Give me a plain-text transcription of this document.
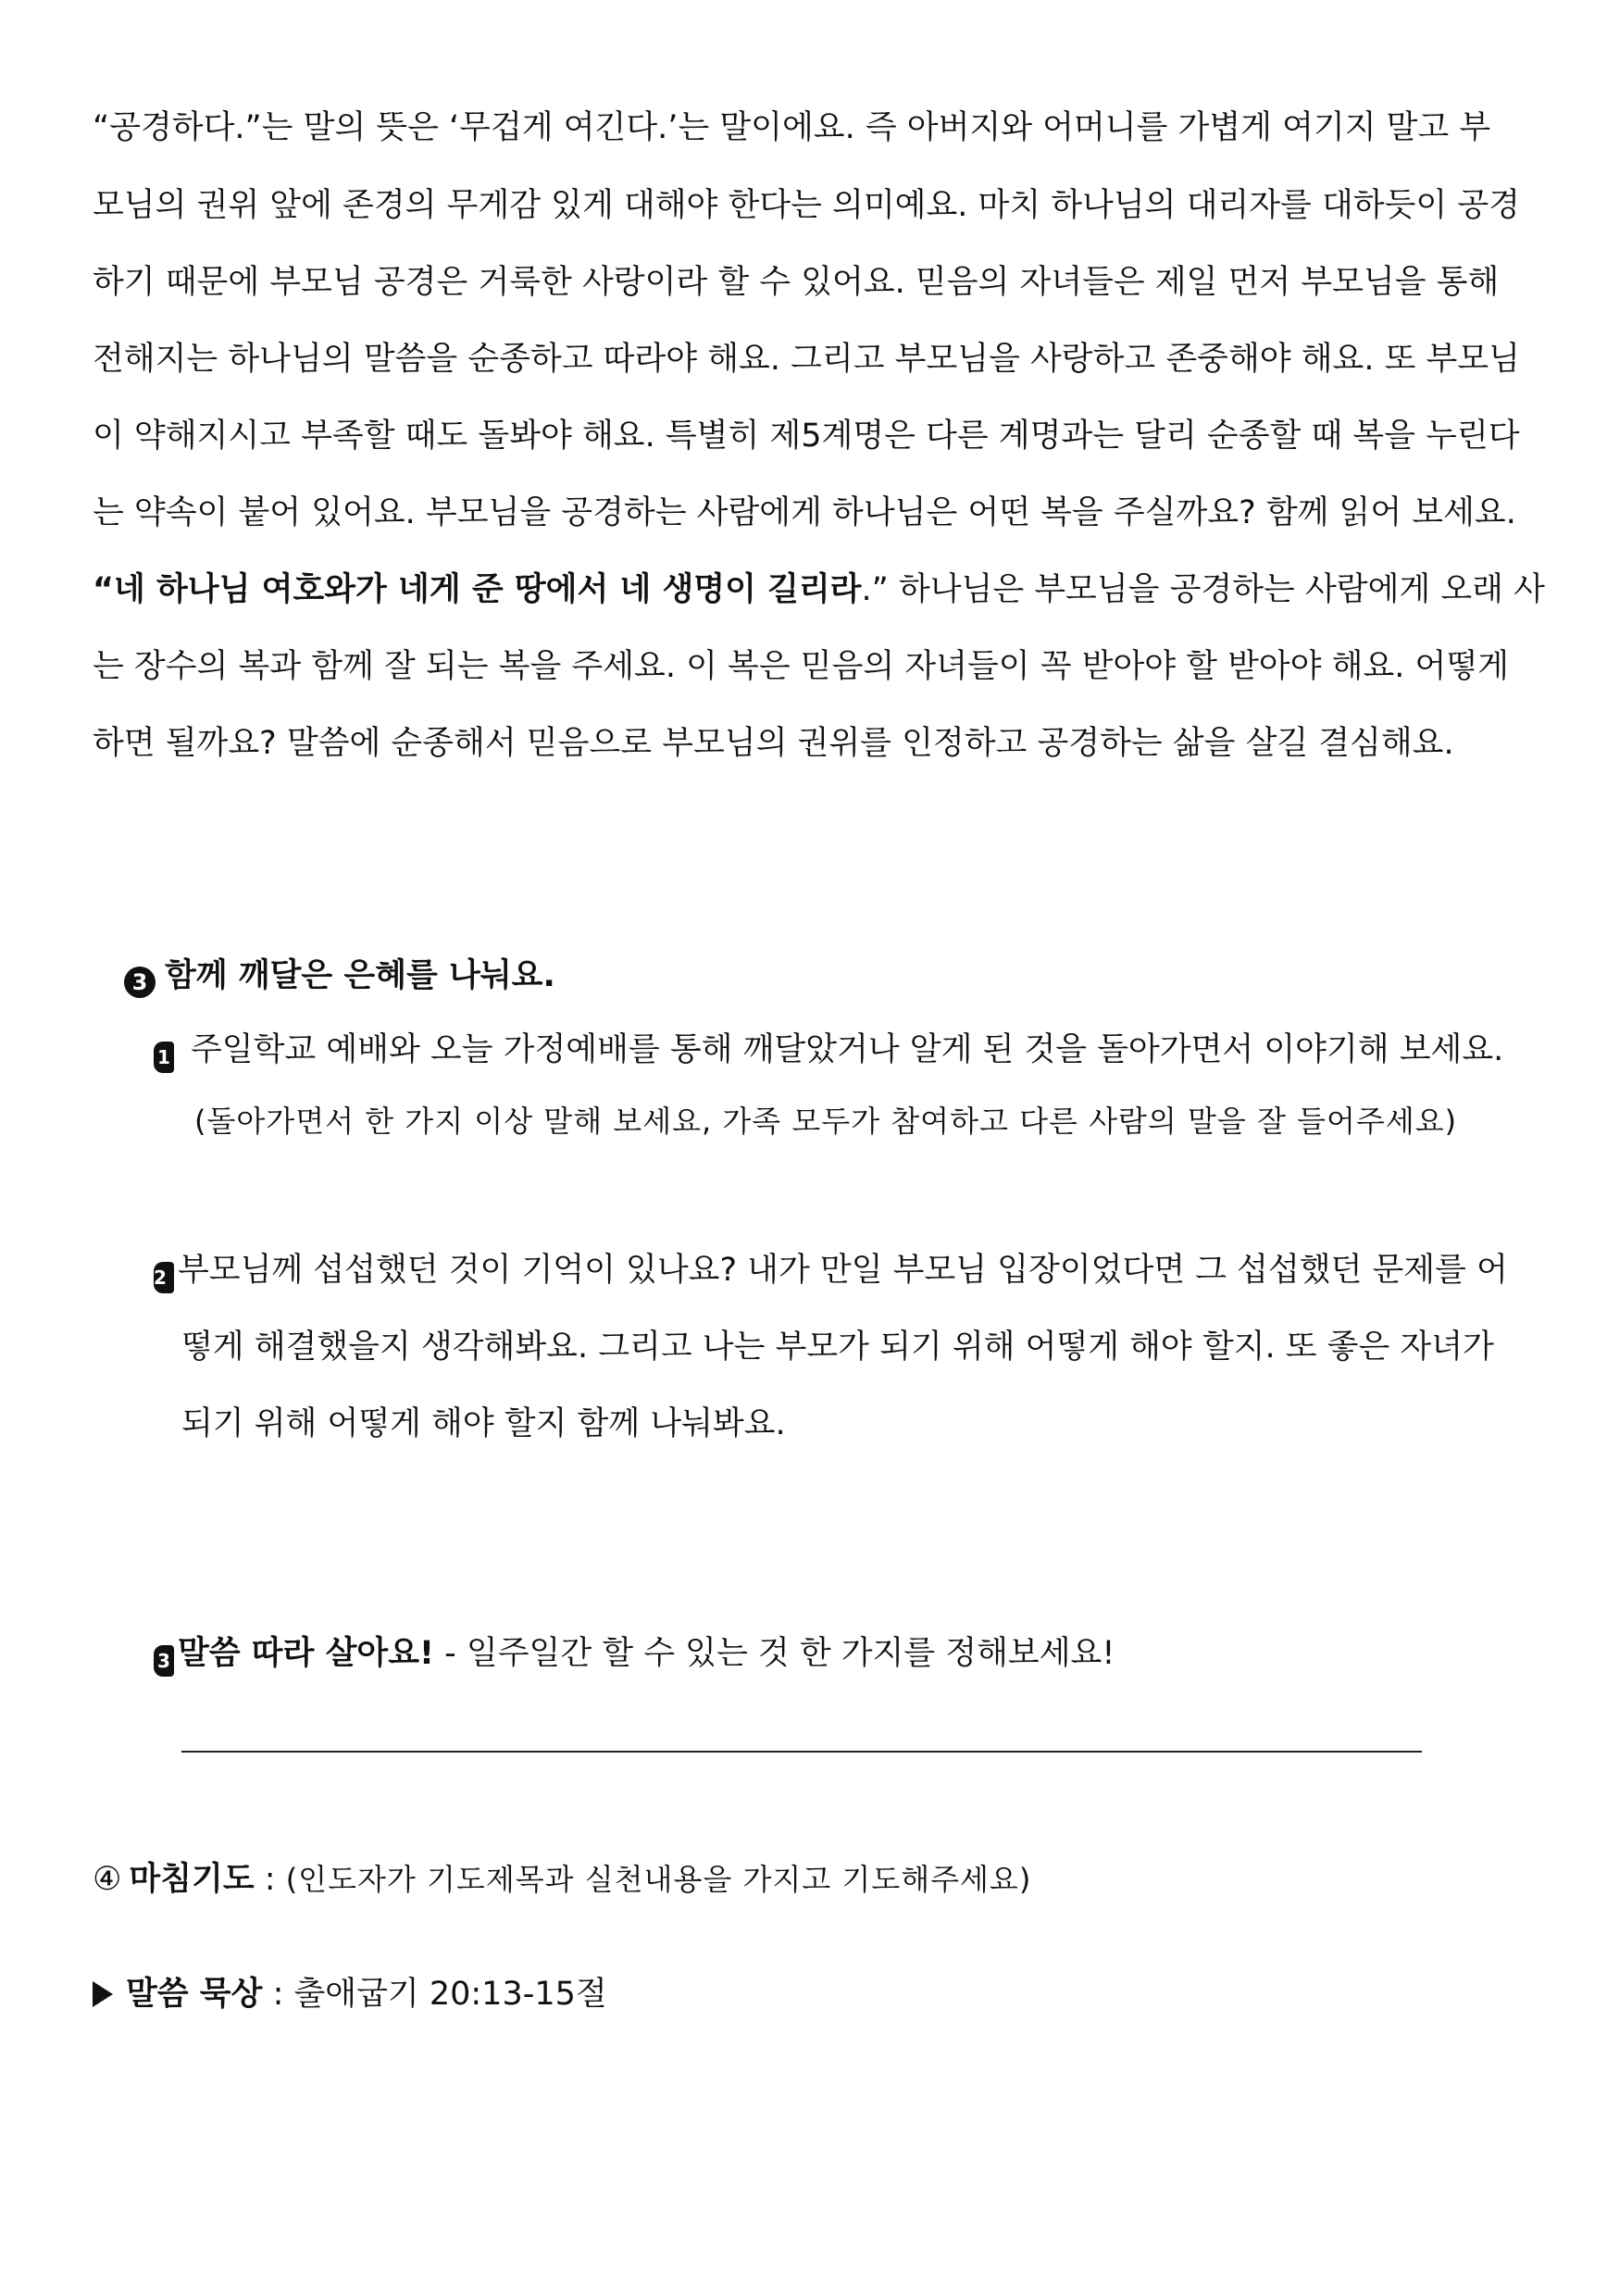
“공경하다.”는 말의 뜻은 ‘무겁게 여긴다.’는 말이에요. 즉 아버지와 어머니를 가볍게 여기지 말고 부
모님의 권위 앞에 존경의 무게감 있게 대해야 한다는 의미예요. 마치 하나님의 대리자를 대하듯이 공경
하기 때문에 부모님 공경은 거룩한 사랑이라 할 수 있어요. 믿음의 자녀들은 제일 먼저 부모님을 통해
전해지는 하나님의 말씀을 순종하고 따라야 해요. 그리고 부모님을 사랑하고 존중해야 해요. 또 부모님
이 약해지시고 부족할 때도 돌봐야 해요. 특별히 제5계명은 다른 계명과는 달리 순종할 때 복을 누린다
는 약속이 붙어 있어요. 부모님을 공경하는 사람에게 하나님은 어떤 복을 주실까요? 함께 읽어 보세요.
“네 하나님 여호와가 네게 준 땅에서 네 생명이 길리라.” 하나님은 부모님을 공경하는 사람에게 오래 사
는 장수의 복과 함께 잘 되는 복을 주세요. 이 복은 믿음의 자녀들이 꼭 받아야 할 받아야 해요. 어떻게
하면 될까요? 말씀에 순종해서 믿음으로 부모님의 권위를 인정하고 공경하는 삶을 살길 결심해요.
3 함께 깨달은 은혜를 나눠요.
1 주일학교 예배와 오늘 가정예배를 통해 깨달았거나 알게 된 것을 돌아가면서 이야기해 보세요.
(돌아가면서 한 가지 이상 말해 보세요, 가족 모두가 참여하고 다른 사람의 말을 잘 들어주세요)
2 부모님께 섭섭했던 것이 기억이 있나요? 내가 만일 부모님 입장이었다면 그 섭섭했던 문제를 어
떻게 해결했을지 생각해봐요. 그리고 나는 부모가 되기 위해 어떻게 해야 할지. 또 좋은 자녀가
되기 위해 어떻게 해야 할지 함께 나눠봐요.
3 말씀 따라 살아요! - 일주일간 할 수 있는 것 한 가지를 정해보세요!
④ 마침기도 : (인도자가 기도제목과 실천내용을 가지고 기도해주세요)
말씀 묵상 : 출애굽기 20:13-15절
